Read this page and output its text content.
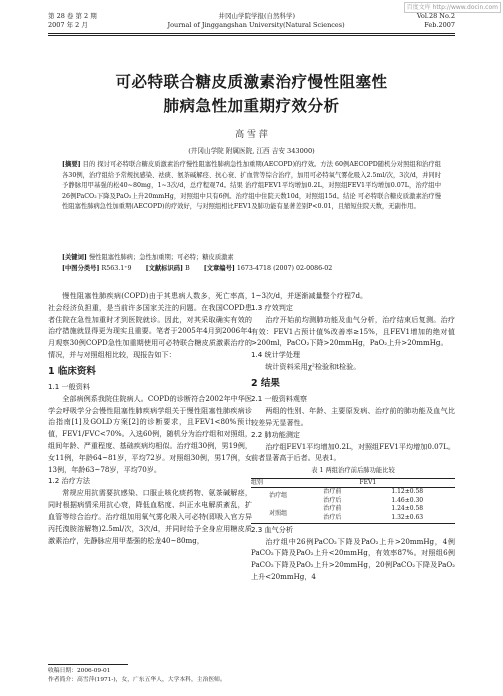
百度文库 http://www.docin.com
第 28 卷 第 2 期	井冈山学院学报(自然科学)	Vol.28 No.2
2007 年 2 月	Journal of Jinggangshan University(Natural Sciences)	Feb.2007
可必特联合糖皮质激素治疗慢性阻塞性
肺病急性加重期疗效分析
高 雪 萍
(井冈山学院 附属医院, 江西 吉安 343000)
[摘要] 目的 探讨可必特联合糖皮质激素治疗慢性阻塞性肺病急性加重期(AECOPD)的疗效。方法 60例AECOPD随机分对照组和治疗组各30例，治疗组给予常规抗感染、祛痰、氨茶碱解痉、抗心衰、扩血管等综合治疗，加用可必特氧气雾化吸入2.5ml/次，3次/d，并同时予静脉用甲基强的松40~80mg，1~3次/d，总疗程观7d。结果 治疗组FEV1平均增加0.2L，对照组FEV1平均增加0.07L，治疗组中26例PaCO₂下降及PaO₂上升20mmHg，对照组中只有6例。治疗组中住院天数10d，对照组15d。结论 可必特联合糖皮质激素治疗慢性阻塞性肺病急性加重期(AECOPD)的疗效好，与对照组相比FEV1及肺功能有显著差别P<0.01，且缩短住院天数，无副作用。
[关键词] 慢性阻塞性肺病；急性加重期；可必特；糖皮质激素
[中图分类号] R563.1⁺9 [文献标识码] B [文章编号] 1673-4718 (2007) 02-0086-02

慢性阻塞性肺疾病(COPD)由于其患病人数多，死亡率高，社会经济负担重，是当前许多国家关注的问题。在我国COPD患者住院在急性加重时才到医院就诊。因此，对其采取确实有效的治疗措施就显得更为现实且重要。笔者于2005年4月到2006年4月观察30例COPD急性加重期使用可必特联合糖皮质激素治疗的情况，并与对照组相比较，现报告如下：

1 临床资料
1.1 一般资料

全部病例系我院住院病人。COPD的诊断符合2002年中华医学会呼吸学分会慢性阻塞性肺疾病学组关于慢性阻塞性肺疾病诊治指南[1]及GOLD方案[2]的诊断要求，且FEV1<80%预计值，FEV1/FVC<70%。入选60例，随机分为治疗组和对照组，组间年龄、严重程度、基础疾病均相似。治疗组30例，男19例，女11例，年龄64~81岁，平均72岁。对照组30例，男17例，女13例，年龄63~78岁，平均70岁。

1.2 治疗方法

常规应用抗需要抗感染、口服止咳化痰药物、氨茶碱解痉，同时根据病情采用抗心衰，降低血粘度、纠正水电解质紊乱，扩血管等综合治疗。治疗组加用氧气雾化吸入可必特(即吸入官方异丙托溴胺溶解物)2.5ml/次，3次/d，并同时给予全身应用糖皮质激素治疗，先静脉应用甲基强的松龙40~80mg，

1~3次/d，并逐渐减量整个疗程7d。

1.3 疗效判定

治疗开始前均测肺功能及血气分析，治疗结束后复测。治疗有效：FEV1占预计值%改善率≥15%，且FEV1增加的绝对值>200ml，PaCO₂下降>20mmHg，PaO₂上升>20mmHg。

1.4 统计学处理

统计资料采用χ²检验和t检验。

2 结果
2.1 一般资料观察

两组的性别、年龄、主要原发病、治疗前的肺功能及血气比较差异无显著性。

2.2 肺功能测定

治疗组FEV1平均增加0.2L，对照组FEV1平均增加0.07L。前者显著高于后者。见表1。

表 1 两组治疗前后肺功能比较
组别		FEV1
治疗组	治疗前	1.12±0.58
	治疗后	1.46±0.30
对照组	治疗前	1.24±0.58
	治疗后	1.32±0.63
2.3 血气分析

治疗组中26例PaCO₂下降及PaO₂上升>20mmHg，4例PaCO₂下降及PaO₂上升<20mmHg，有效率87%。对照组6例PaCO₂下降及PaO₂上升>20mmHg，20例PaCO₂下降及PaO₂上升<20mmHg，4

收稿日期：2006-09-01
作者简介：高雪萍(1971-)，女，广东五华人，大学本科，主治医师。
